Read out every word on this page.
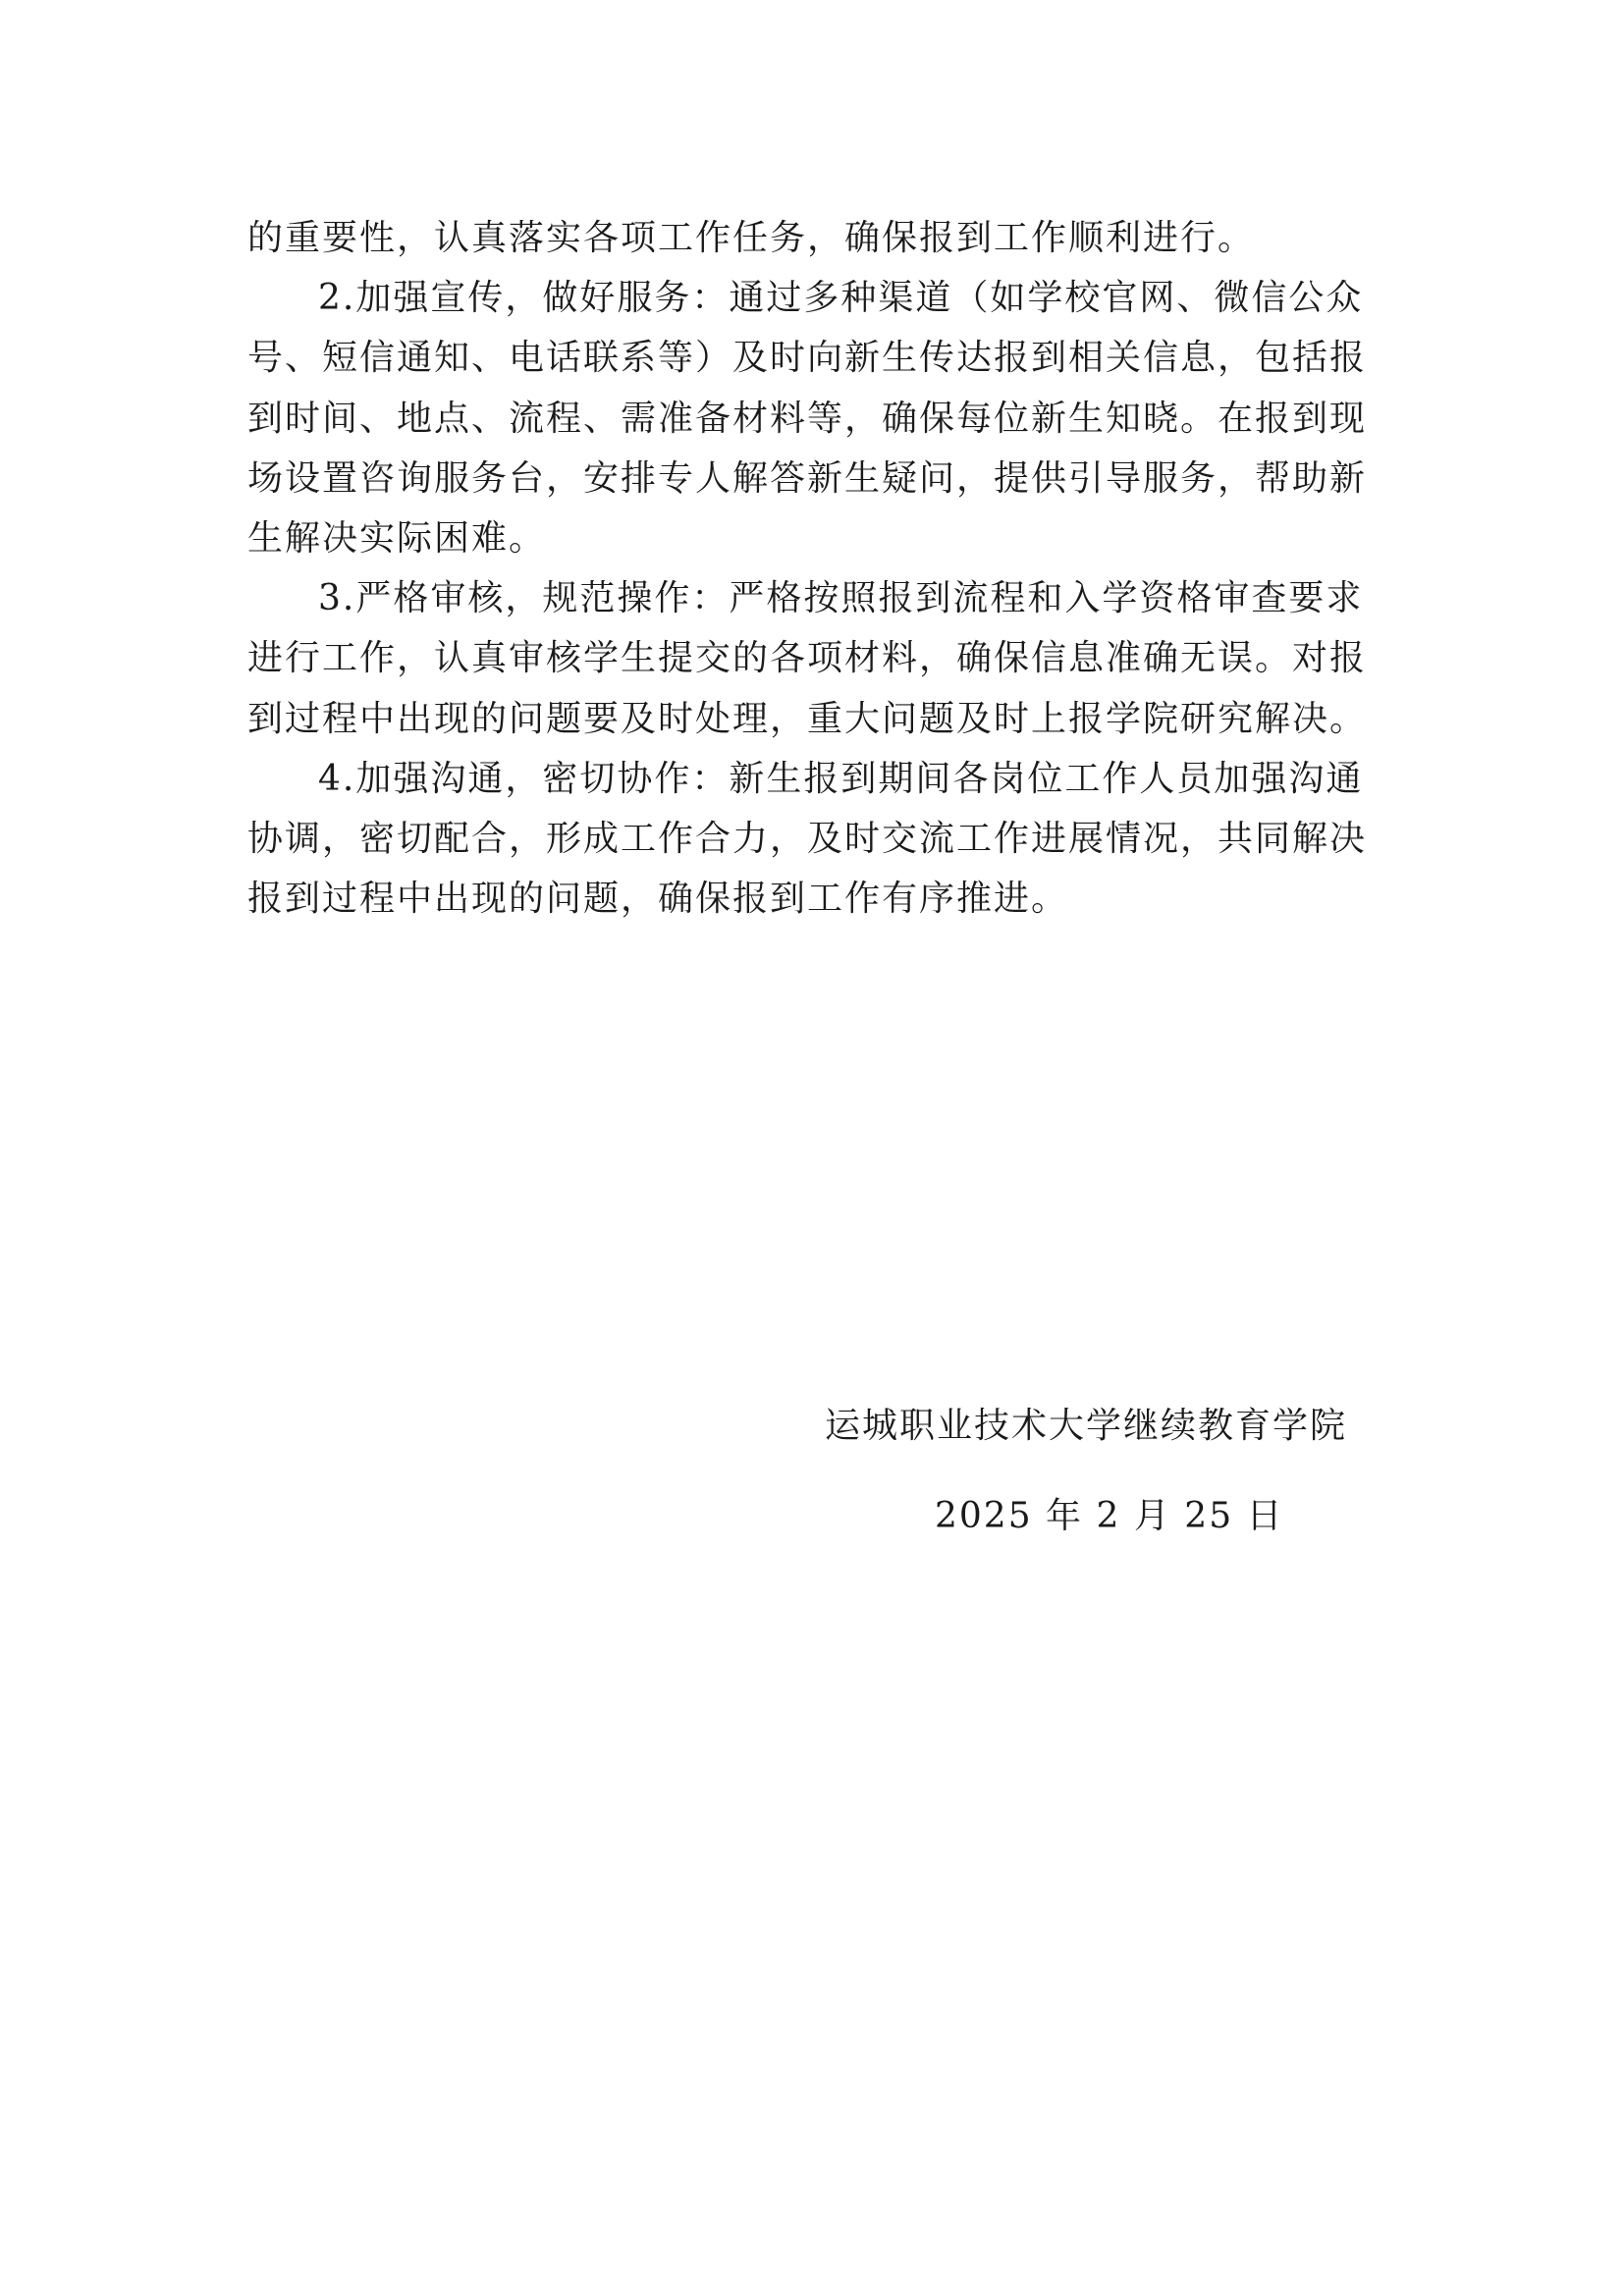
的重要性，认真落实各项工作任务，确保报到工作顺利进行。
2.加强宣传，做好服务：通过多种渠道（如学校官网、微信公众
号、短信通知、电话联系等）及时向新生传达报到相关信息，包括报
到时间、地点、流程、需准备材料等，确保每位新生知晓。在报到现
场设置咨询服务台，安排专人解答新生疑问，提供引导服务，帮助新
生解决实际困难。
3.严格审核，规范操作：严格按照报到流程和入学资格审查要求
进行工作，认真审核学生提交的各项材料，确保信息准确无误。对报
到过程中出现的问题要及时处理，重大问题及时上报学院研究解决。
4.加强沟通，密切协作：新生报到期间各岗位工作人员加强沟通
协调，密切配合，形成工作合力，及时交流工作进展情况，共同解决
报到过程中出现的问题，确保报到工作有序推进。
运城职业技术大学继续教育学院
2025 年 2 月 25 日
